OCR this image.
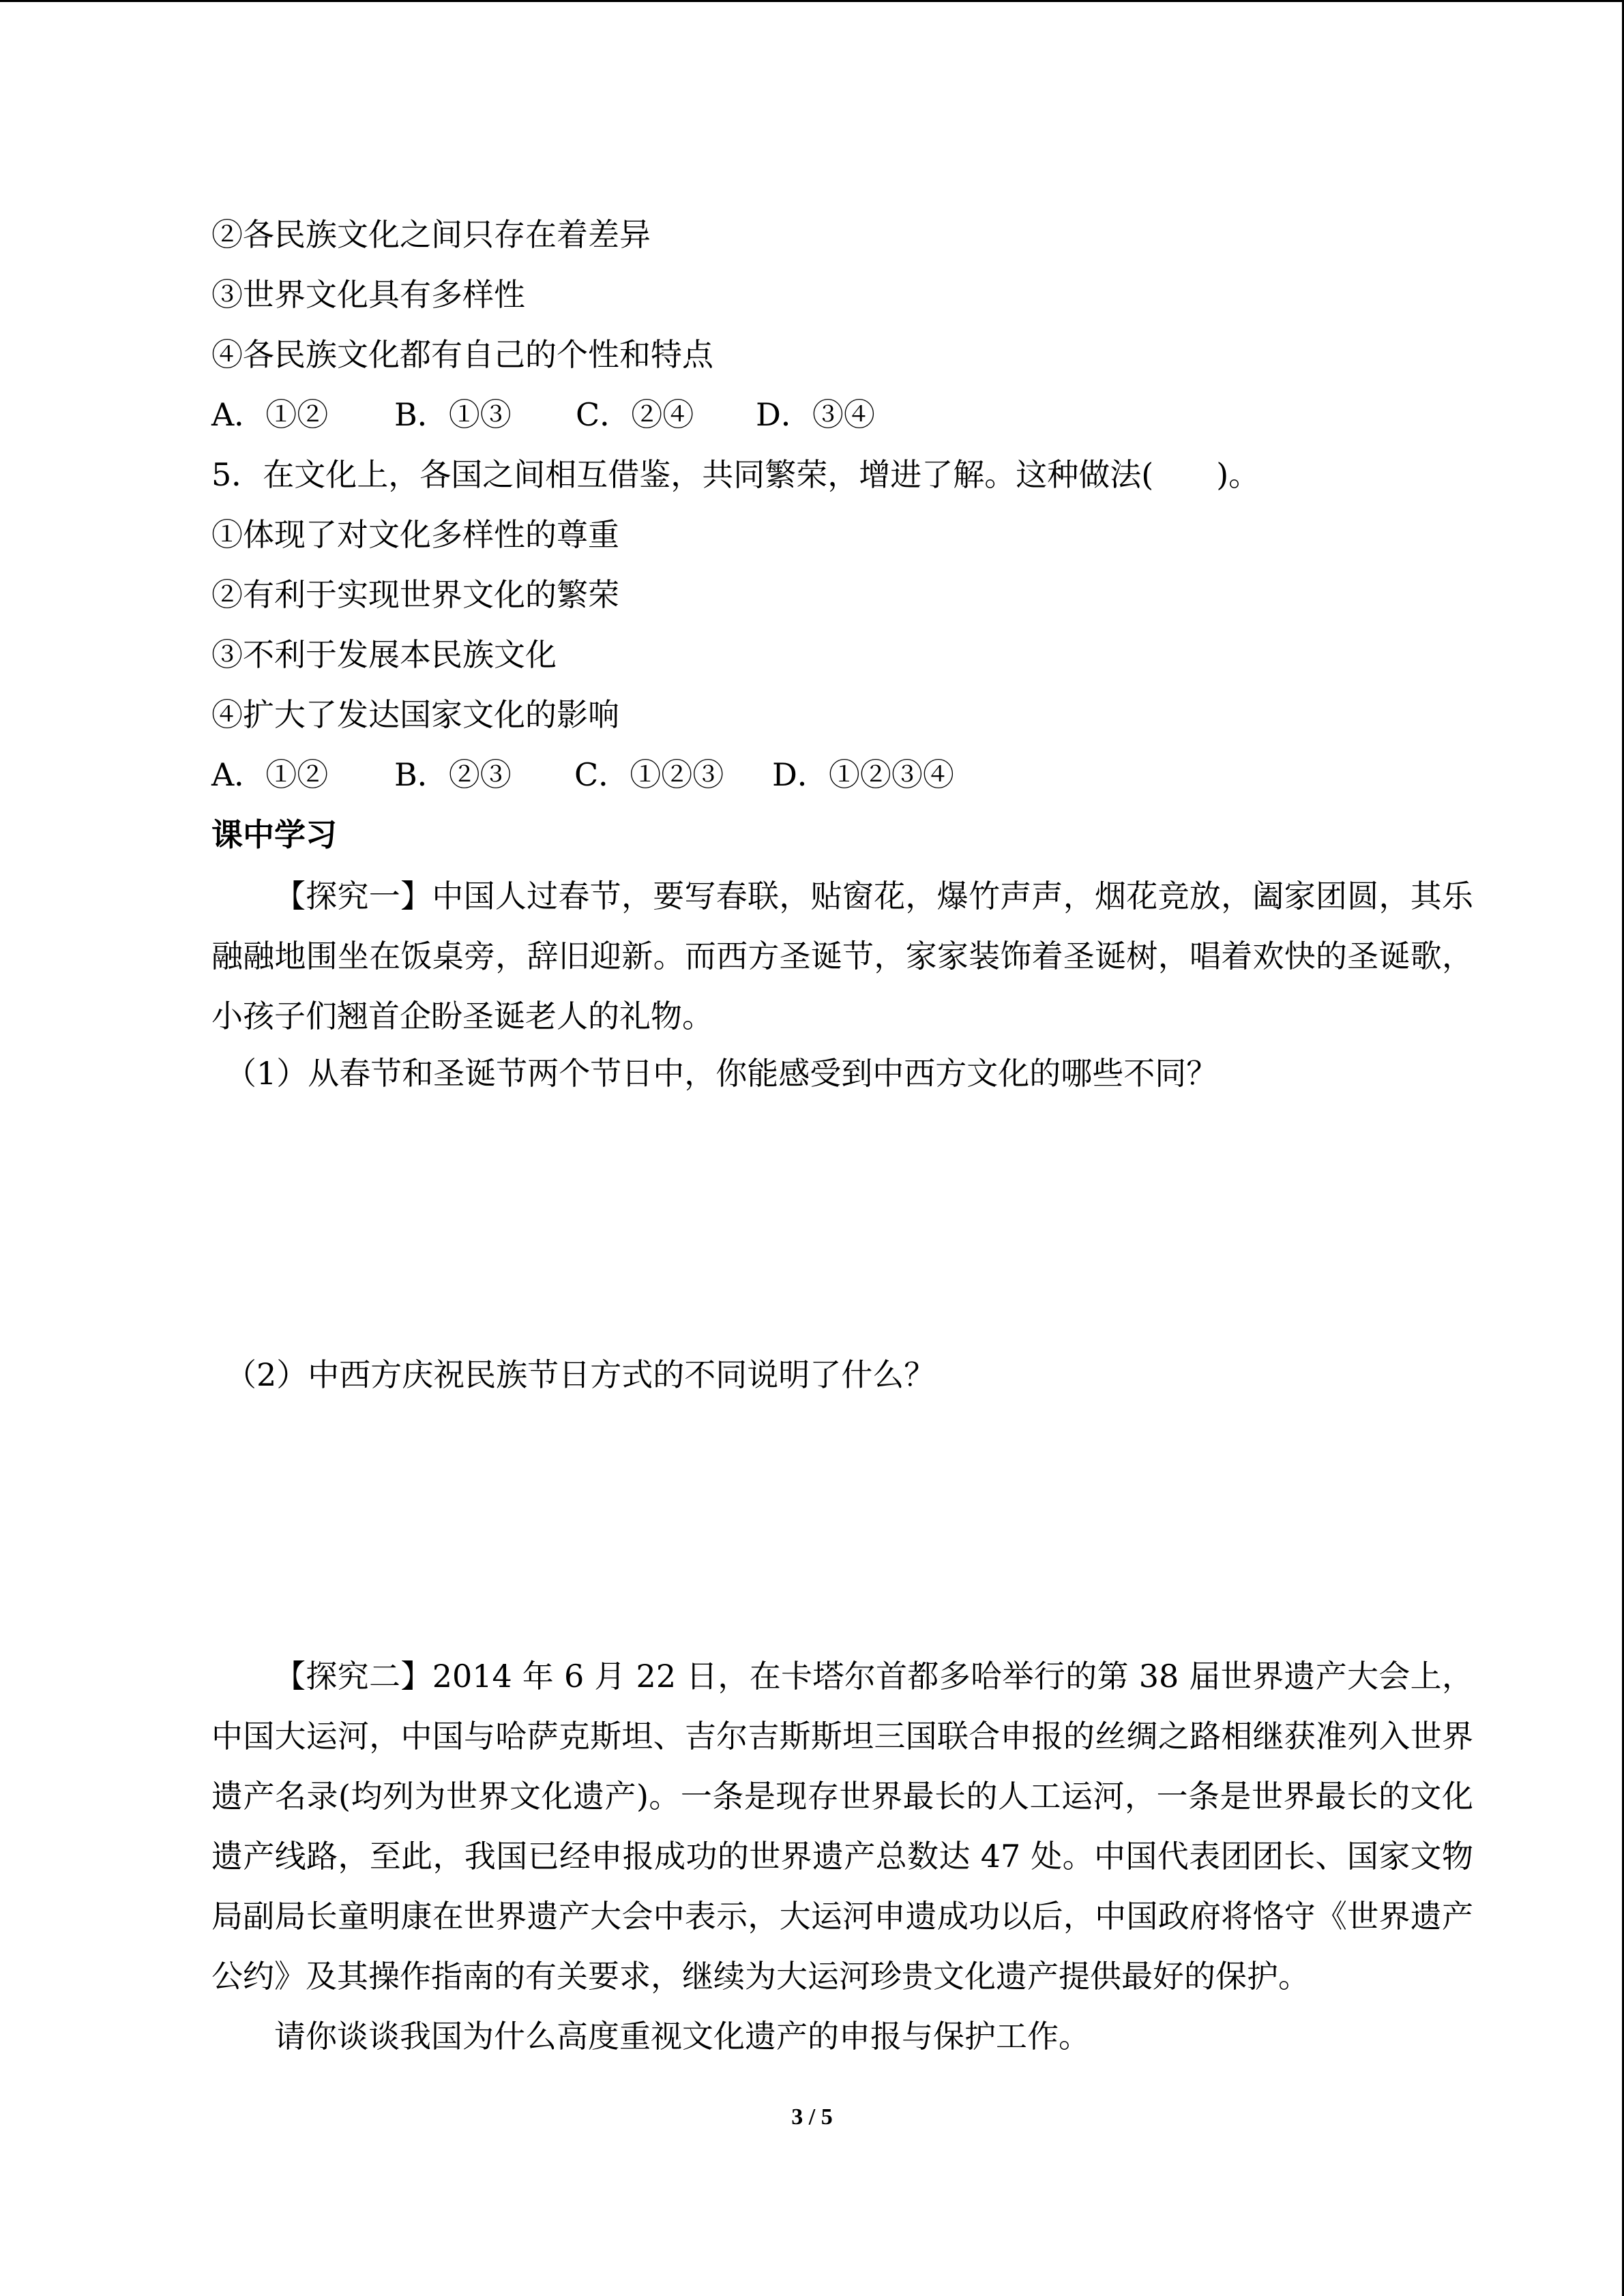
②各民族文化之间只存在着差异
③世界文化具有多样性
④各民族文化都有自己的个性和特点
A．①② B．①③ C．②④ D．③④
5．在文化上，各国之间相互借鉴，共同繁荣，增进了解。这种做法(　　)。
①体现了对文化多样性的尊重
②有利于实现世界文化的繁荣
③不利于发展本民族文化
④扩大了发达国家文化的影响
A．①② B．②③ C．①②③ D．①②③④
课中学习
【探究一】中国人过春节，要写春联，贴窗花，爆竹声声，烟花竞放，阖家团圆，其乐融融地围坐在饭桌旁，辞旧迎新。而西方圣诞节，家家装饰着圣诞树，唱着欢快的圣诞歌，小孩子们翘首企盼圣诞老人的礼物。
（1）从春节和圣诞节两个节日中，你能感受到中西方文化的哪些不同？
（2）中西方庆祝民族节日方式的不同说明了什么？
【探究二】2014 年 6 月 22 日，在卡塔尔首都多哈举行的第 38 届世界遗产大会上，中国大运河，中国与哈萨克斯坦、吉尔吉斯斯坦三国联合申报的丝绸之路相继获准列入世界遗产名录(均列为世界文化遗产)。一条是现存世界最长的人工运河，一条是世界最长的文化遗产线路，至此，我国已经申报成功的世界遗产总数达 47 处。中国代表团团长、国家文物局副局长童明康在世界遗产大会中表示，大运河申遗成功以后，中国政府将恪守《世界遗产公约》及其操作指南的有关要求，继续为大运河珍贵文化遗产提供最好的保护。
请你谈谈我国为什么高度重视文化遗产的申报与保护工作。
3 / 5
